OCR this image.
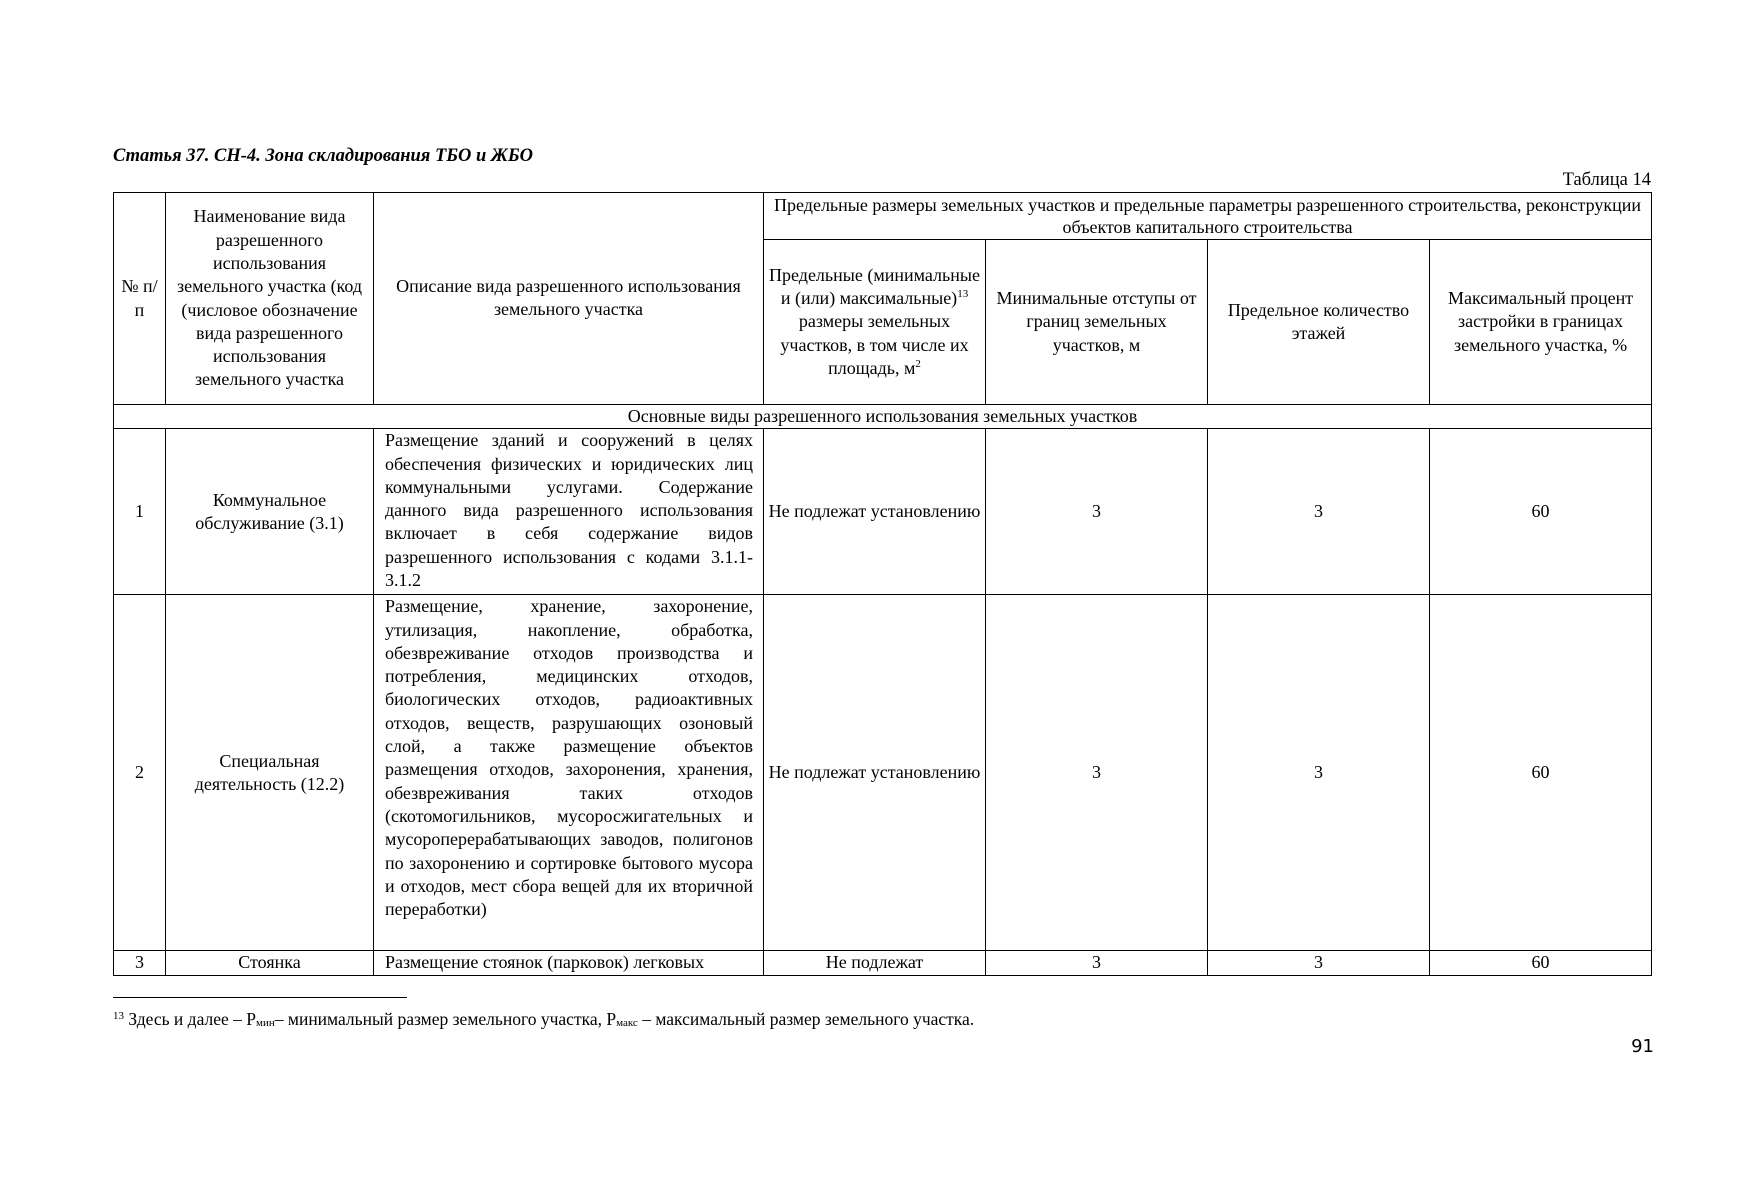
Статья 37. СН-4. Зона складирования ТБО и ЖБО
Таблица 14
№ п/п	Наименование вида разрешенного использования земельного участка (код (числовое обозначение вида разрешенного использования земельного участка	Описание вида разрешенного использования земельного участка	Предельные размеры земельных участков и предельные параметры разрешенного строительства, реконструкции объектов капитального строительства			
			Предельные (минимальные и (или) максимальные)$^{13}$ размеры земельных участков, в том числе их площадь, $м^2$	Минимальные отступы от границ земельных участков, м	Предельное количество этажей	Максимальный процент застройки в границах земельного участка, %
Основные виды разрешенного использования земельных участков						
1	Коммунальное обслуживание (3.1)	Размещение зданий и сооружений в целях обеспечения физических и юридических лиц коммунальными услугами. Содержание данного вида разрешенного использования включает в себя содержание видов разрешенного использования с кодами 3.1.1-3.1.2	Не подлежат установлению	3	3	60
2	Специальная деятельность (12.2)	Размещение, хранение, захоронение, утилизация, накопление, обработка, обезвреживание отходов производства и потребления, медицинских отходов, биологических отходов, радиоактивных отходов, веществ, разрушающих озоновый слой, а также размещение объектов размещения отходов, захоронения, хранения, обезвреживания таких отходов (скотомогильников, мусоросжигательных и мусороперерабатывающих заводов, полигонов по захоронению и сортировке бытового мусора и отходов, мест сбора вещей для их вторичной переработки)	Не подлежат установлению	3	3	60
3	Стоянка	Размещение стоянок (парковок) легковых	Не подлежат	3	3	60
$^{13}$ Здесь и далее – $Р_{мин}-$ минимальный размер земельного участка, $Р_{макс}$ – максимальный размер земельного участка.
91
